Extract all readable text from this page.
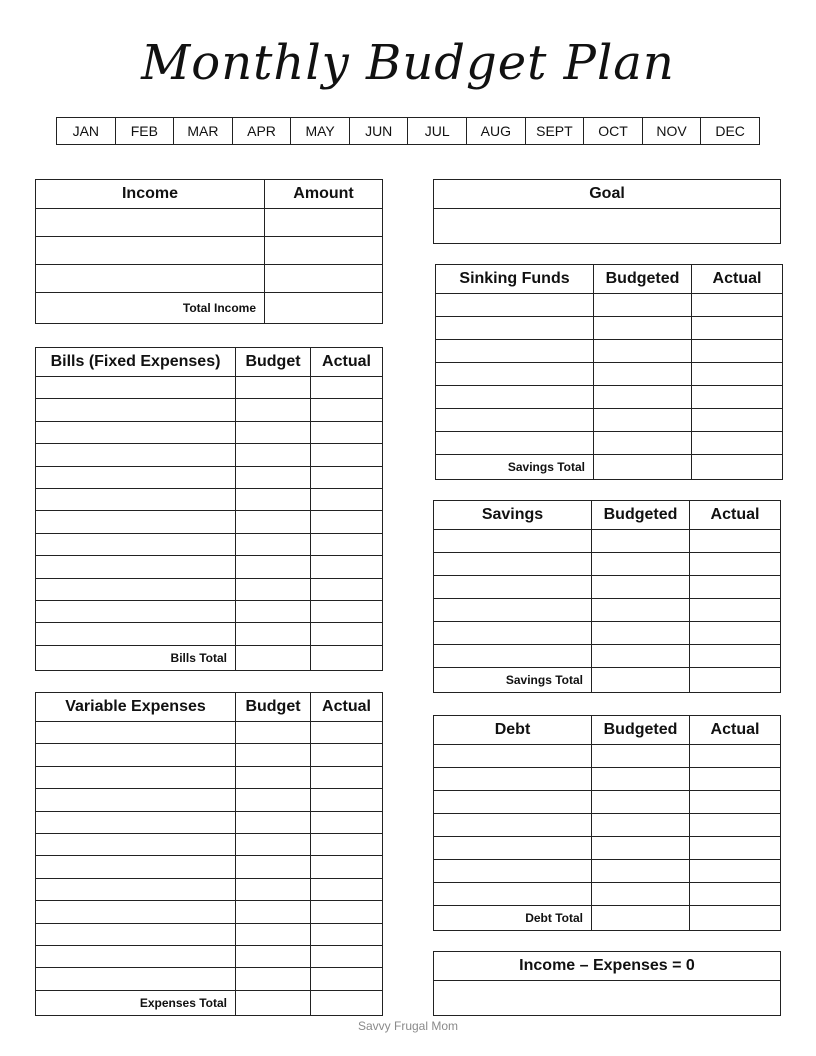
Monthly Budget Plan
JAN	FEB	MAR	APR	MAY	JUN	JUL	AUG	SEPT	OCT	NOV	DEC
Income	Amount

Total Income	
Bills (Fixed Expenses)	Budget	Actual

Bills Total		
Variable Expenses	Budget	Actual

Expenses Total		
Goal

Sinking Funds	Budgeted	Actual

Savings Total		
Savings	Budgeted	Actual

Savings Total		
Debt	Budgeted	Actual

Debt Total		
Income – Expenses = 0

Savvy Frugal Mom
